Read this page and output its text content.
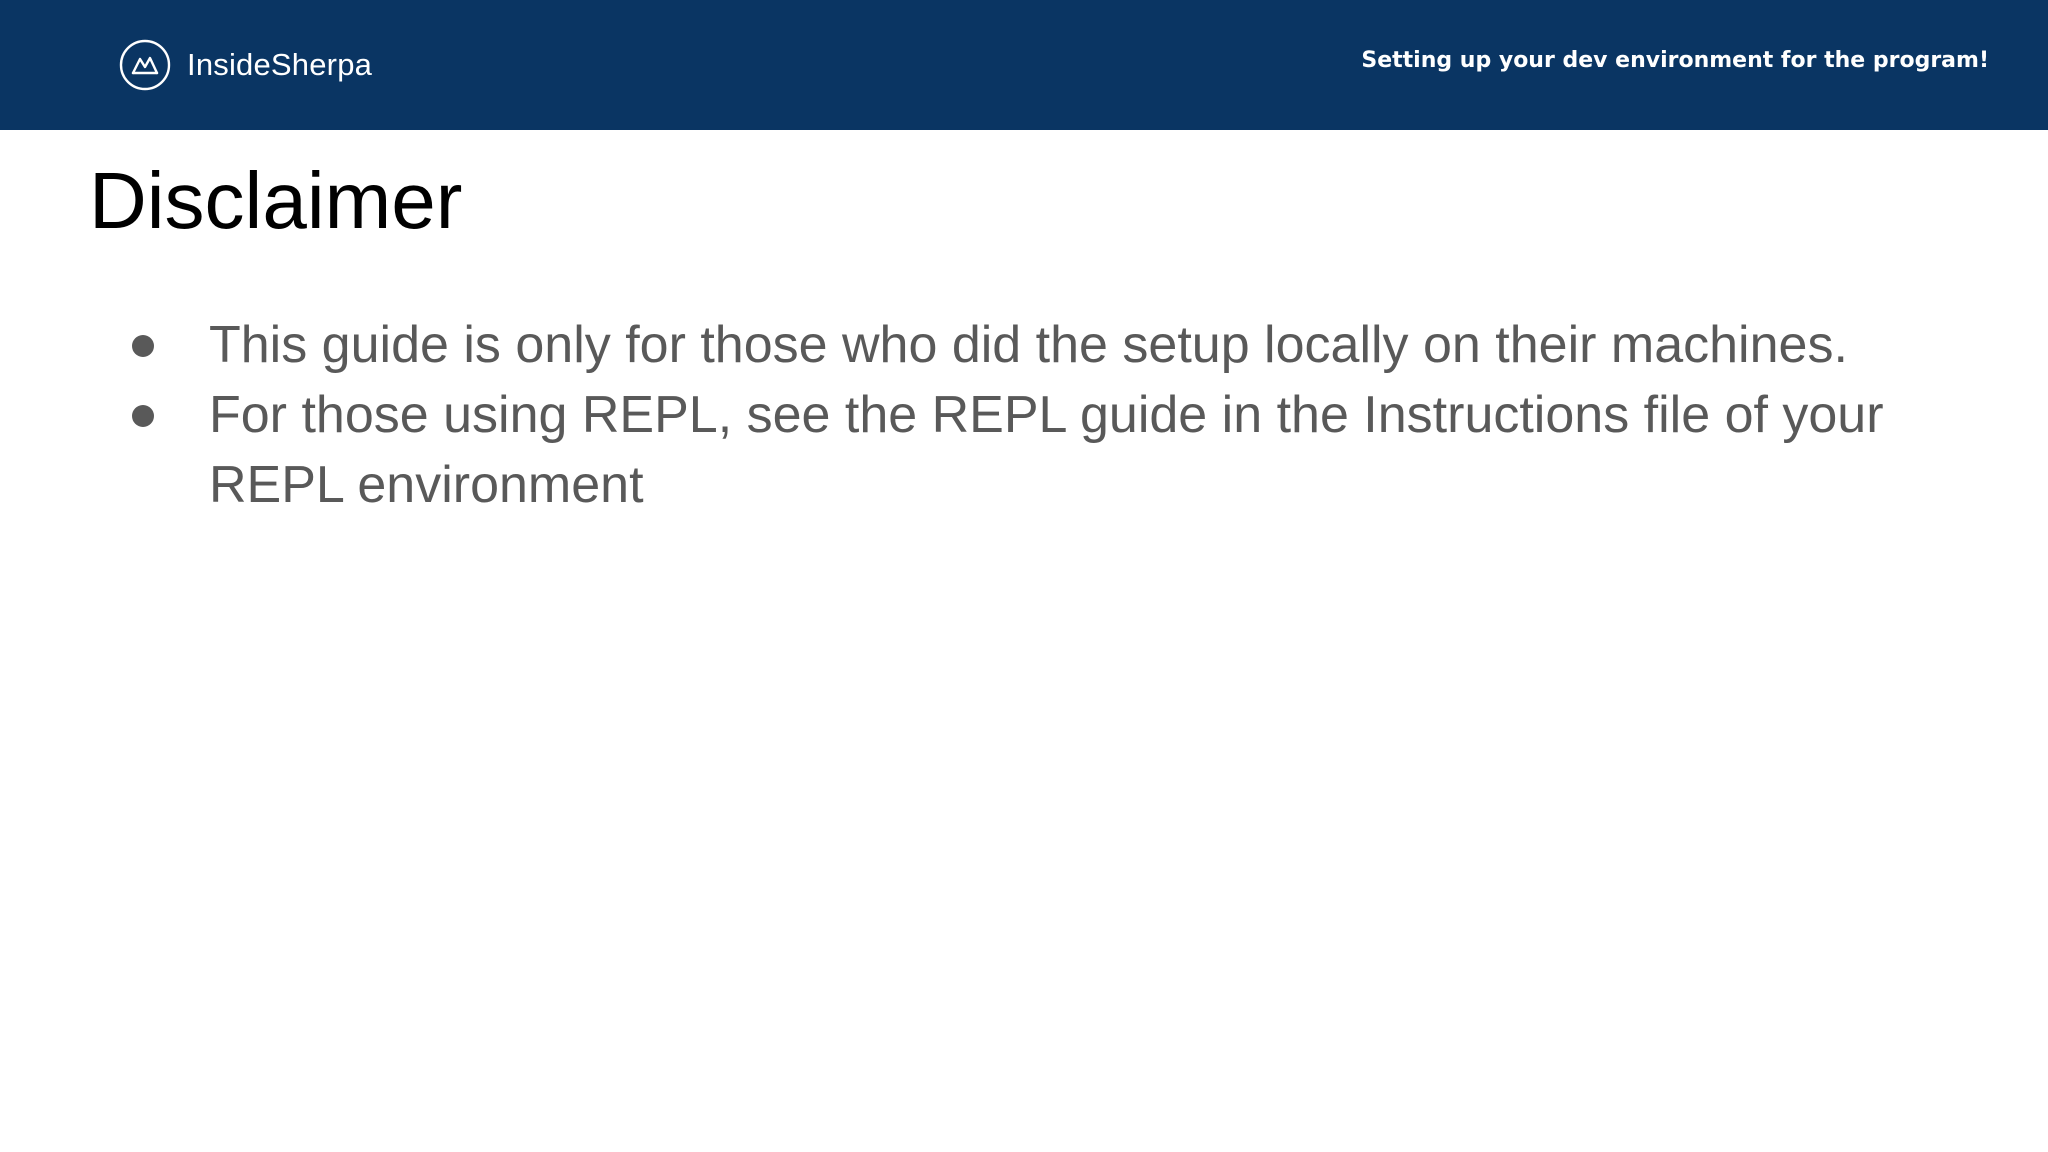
InsideSherpa	Setting up your dev environment for the program!
Disclaimer
This guide is only for those who did the setup locally on their machines.
For those using REPL, see the REPL guide in the Instructions file of your REPL environment
